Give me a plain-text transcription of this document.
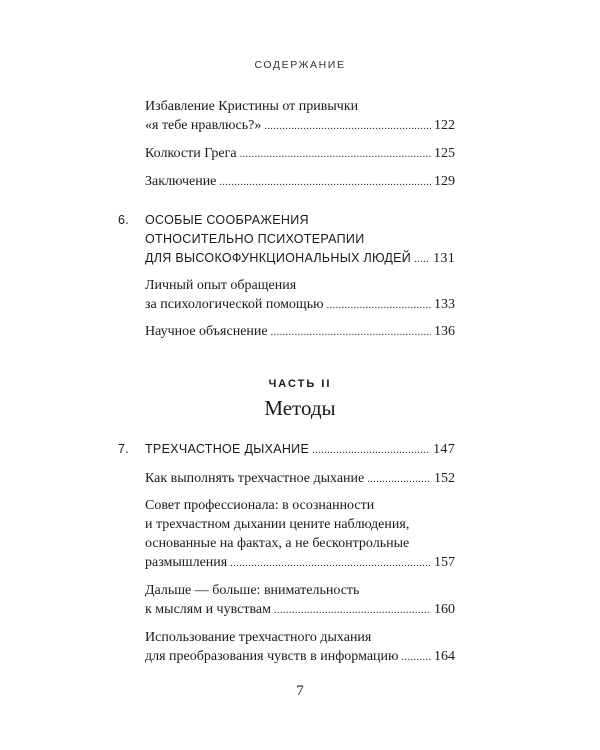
СОДЕРЖАНИЕ
Избавление Кристины от привычки
«я тебе нравлюсь?» .....	122
Колкости Грега .....	125
Заключение .....	129
6. ОСОБЫЕ СООБРАЖЕНИЯ
ОТНОСИТЕЛЬНО ПСИХОТЕРАПИИ
ДЛЯ ВЫСОКОФУНКЦИОНАЛЬНЫХ ЛЮДЕЙ ..... 131
Личный опыт обращения
за психологической помощью .....	133
Научное объяснение .....	136
ЧАСТЬ II
Методы
7. ТРЕХЧАСТНОЕ ДЫХАНИЕ .....	147
Как выполнять трехчастное дыхание .....	152
Совет профессионала: в осознанности
и трехчастном дыхании цените наблюдения,
основанные на фактах, а не бесконтрольные
размышления .....	157
Дальше — больше: внимательность
к мыслям и чувствам .....	160
Использование трехчастного дыхания
для преобразования чувств в информацию .....	164
7
